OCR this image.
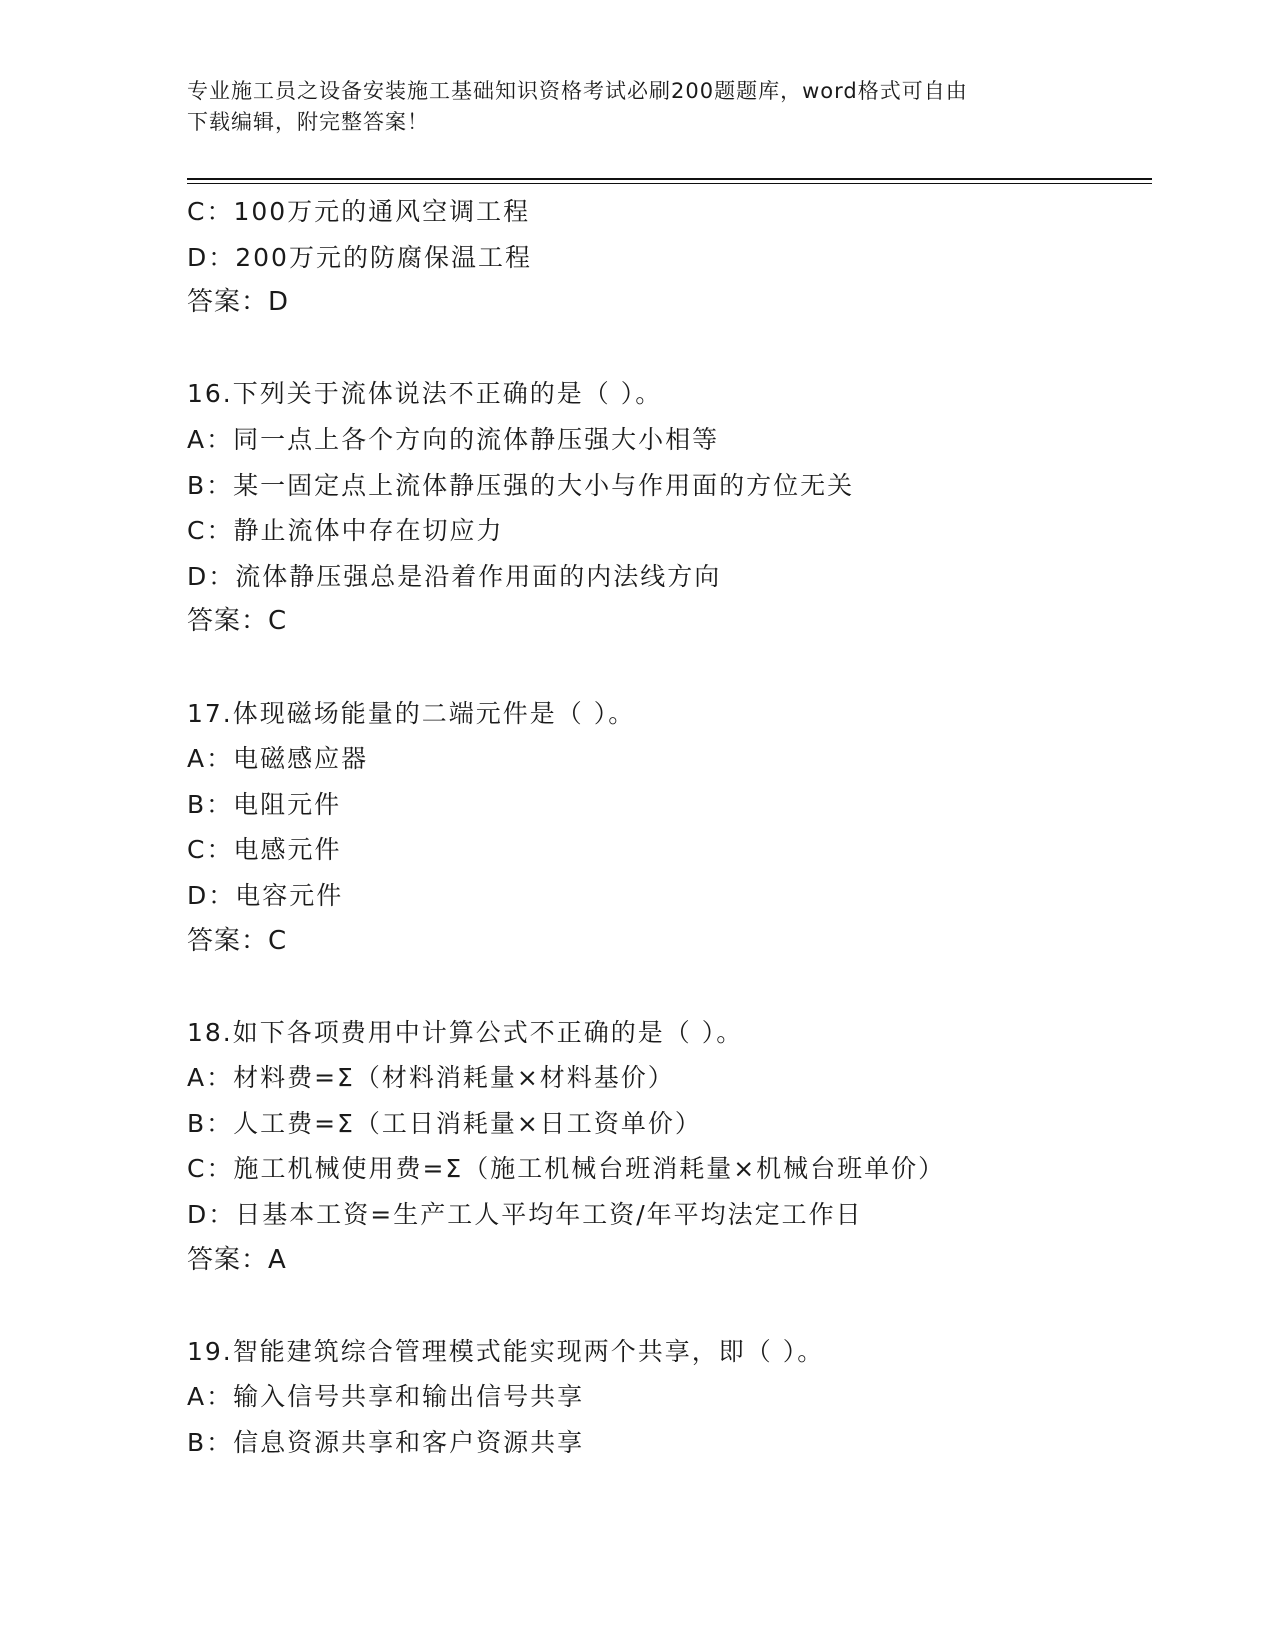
专业施工员之设备安装施工基础知识资格考试必刷200题题库，word格式可自由
下载编辑，附完整答案！
C：100万元的通风空调工程
D：200万元的防腐保温工程
答案：D
16.下列关于流体说法不正确的是（ ）。
A：同一点上各个方向的流体静压强大小相等
B：某一固定点上流体静压强的大小与作用面的方位无关
C：静止流体中存在切应力
D：流体静压强总是沿着作用面的内法线方向
答案：C
17.体现磁场能量的二端元件是（ ）。
A：电磁感应器
B：电阻元件
C：电感元件
D：电容元件
答案：C
18.如下各项费用中计算公式不正确的是（ ）。
A：材料费=Σ（材料消耗量×材料基价）
B：人工费=Σ（工日消耗量×日工资单价）
C：施工机械使用费=Σ（施工机械台班消耗量×机械台班单价）
D：日基本工资=生产工人平均年工资/年平均法定工作日
答案：A
19.智能建筑综合管理模式能实现两个共享，即（ ）。
A：输入信号共享和输出信号共享
B：信息资源共享和客户资源共享
